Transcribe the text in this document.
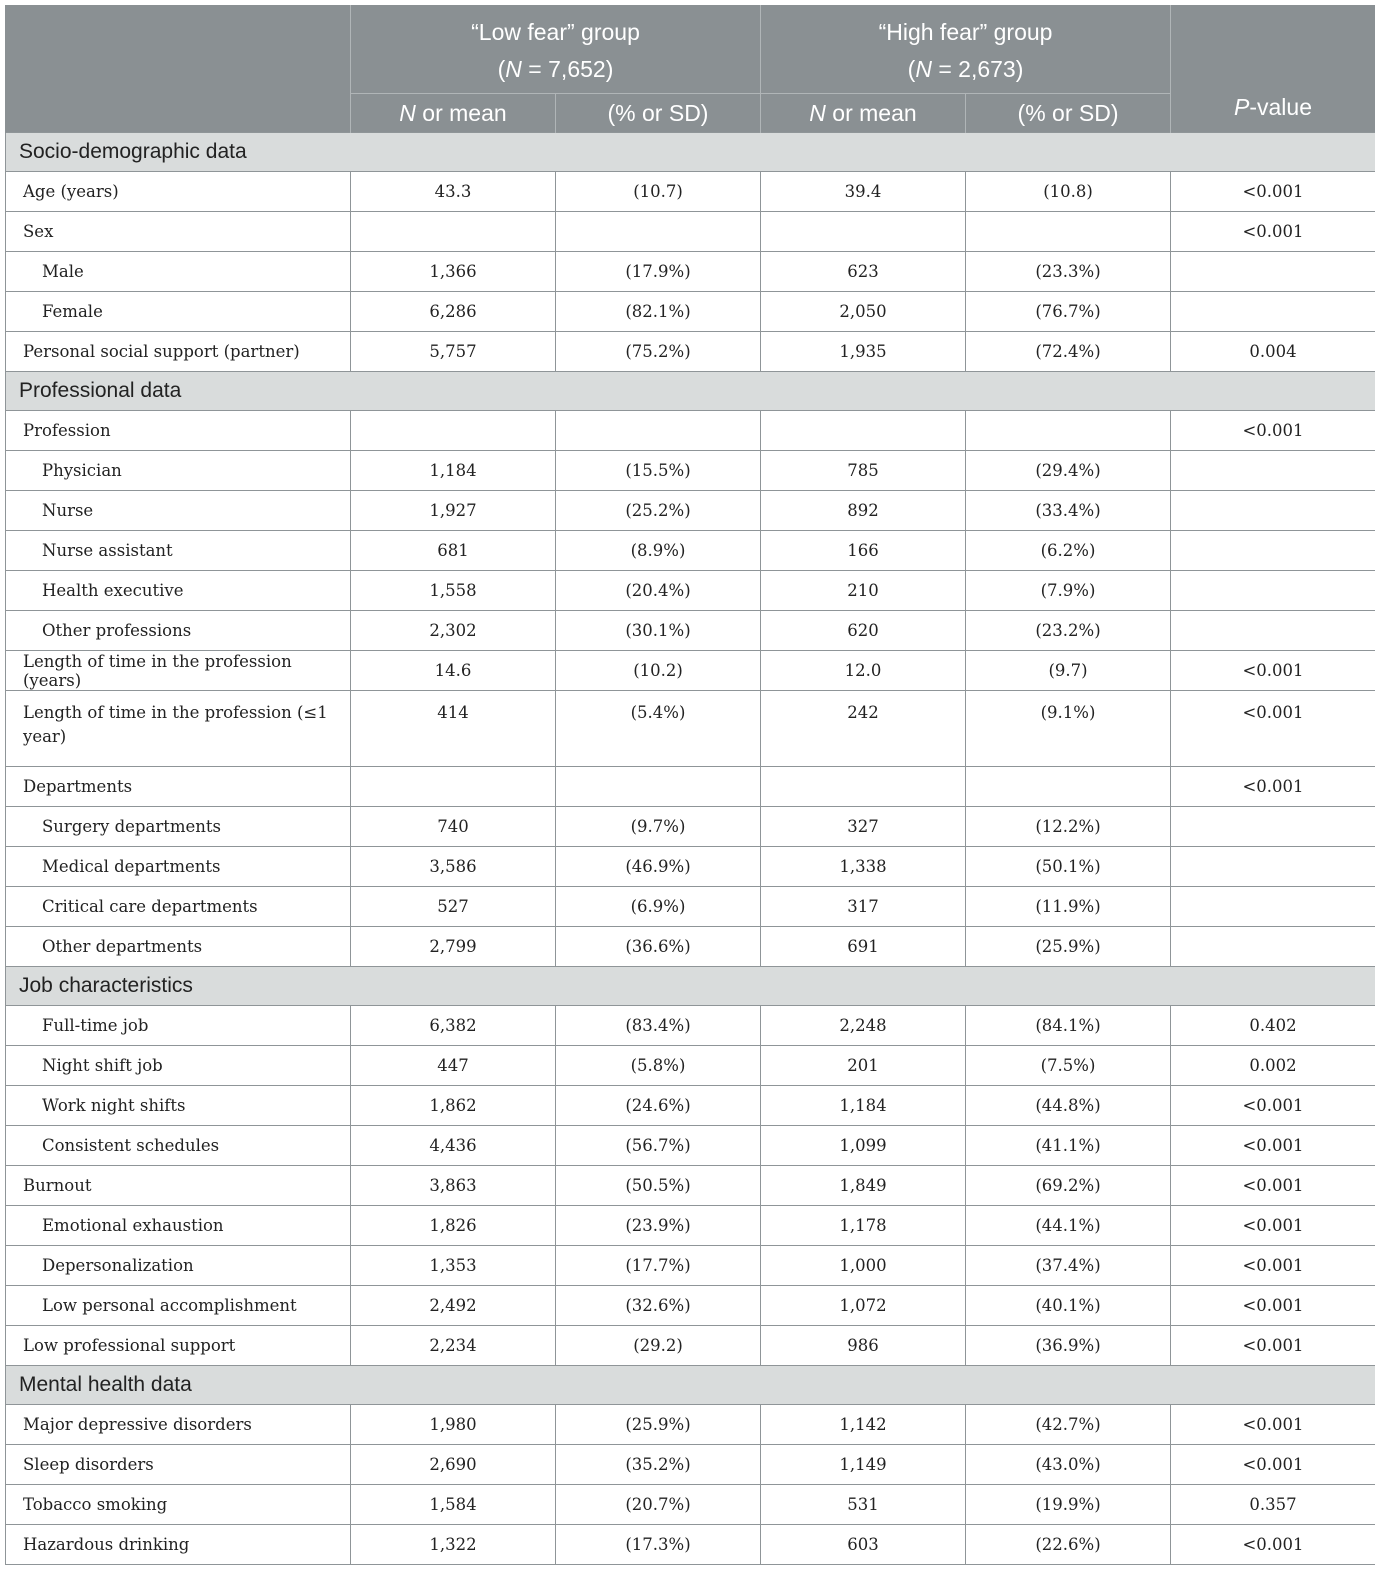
	“Low fear” group
(N = 7,652)		“High fear” group
(N = 2,673)		P-value
	N or mean	(% or SD)	N or mean	(% or SD)	
Socio-demographic data					
Age (years)	43.3	(10.7)	39.4	(10.8)	<0.001
Sex					<0.001
Male	1,366	(17.9%)	623	(23.3%)	
Female	6,286	(82.1%)	2,050	(76.7%)	
Personal social support (partner)	5,757	(75.2%)	1,935	(72.4%)	0.004
Professional data					
Profession					<0.001
Physician	1,184	(15.5%)	785	(29.4%)	
Nurse	1,927	(25.2%)	892	(33.4%)	
Nurse assistant	681	(8.9%)	166	(6.2%)	
Health executive	1,558	(20.4%)	210	(7.9%)	
Other professions	2,302	(30.1%)	620	(23.2%)	
Length of time in the profession (years)	14.6	(10.2)	12.0	(9.7)	<0.001
Length of time in the profession (≤1 year)	414	(5.4%)	242	(9.1%)	<0.001
Departments					<0.001
Surgery departments	740	(9.7%)	327	(12.2%)	
Medical departments	3,586	(46.9%)	1,338	(50.1%)	
Critical care departments	527	(6.9%)	317	(11.9%)	
Other departments	2,799	(36.6%)	691	(25.9%)	
Job characteristics					
Full-time job	6,382	(83.4%)	2,248	(84.1%)	0.402
Night shift job	447	(5.8%)	201	(7.5%)	0.002
Work night shifts	1,862	(24.6%)	1,184	(44.8%)	<0.001
Consistent schedules	4,436	(56.7%)	1,099	(41.1%)	<0.001
Burnout	3,863	(50.5%)	1,849	(69.2%)	<0.001
Emotional exhaustion	1,826	(23.9%)	1,178	(44.1%)	<0.001
Depersonalization	1,353	(17.7%)	1,000	(37.4%)	<0.001
Low personal accomplishment	2,492	(32.6%)	1,072	(40.1%)	<0.001
Low professional support	2,234	(29.2)	986	(36.9%)	<0.001
Mental health data					
Major depressive disorders	1,980	(25.9%)	1,142	(42.7%)	<0.001
Sleep disorders	2,690	(35.2%)	1,149	(43.0%)	<0.001
Tobacco smoking	1,584	(20.7%)	531	(19.9%)	0.357
Hazardous drinking	1,322	(17.3%)	603	(22.6%)	<0.001
